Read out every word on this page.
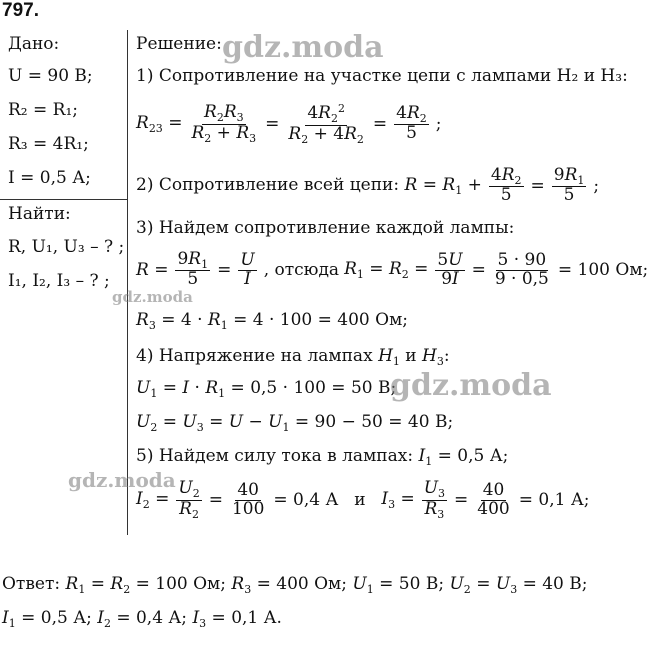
797.
Дано:
U = 90 В;
R₂ = R₁;
R₃ = 4R₁;
I = 0,5 А;
Найти:
R, U₁, U₃ – ? ;
I₁, I₂, I₃ – ? ;
Решение:
1) Сопротивление на участке цепи с лампами H₂ и H₃:
$R_{23} = \frac{R_2R_3}{R_2 + R_3} = \frac{4R_2^2}{R_2 + 4R_2} = \frac{4R_2}{5}$ ;
2) Сопротивление всей цепи: $R = R_1 + \frac{4R_2}{5} = \frac{9R_1}{5}$ ;
3) Найдем сопротивление каждой лампы:
$R = \frac{9R_1}{5} = \frac{U}{I}$ , отсюда $R_1 = R_2 = \frac{5U}{9I} = \frac{5 \cdot 90}{9 \cdot 0,5} = 100$ Ом;
$R_3 = 4 \cdot R_1 = 4 \cdot 100 = 400$ Ом;
4) Напряжение на лампах $H_1$ и $H_3$:
$U_1 = I \cdot R_1 = 0,5 \cdot 100 = 50$ В;
$U_2 = U_3 = U - U_1 = 90 - 50 = 40$ В;
5) Найдем силу тока в лампах: $I_1 = 0,5$ А;
$I_2 = \frac{U_2}{R_2} = \frac{40}{100} = 0,4$ А и $I_3 = \frac{U_3}{R_3} = \frac{40}{400} = 0,1$ А;
Ответ: $R_1 = R_2 = 100$ Ом; $R_3 = 400$ Ом; $U_1 = 50$ В; $U_2 = U_3 = 40$ В;
$I_1 = 0,5$ А; $I_2 = 0,4$ А; $I_3 = 0,1$ А.
gdz.moda
gdz.moda
gdz.moda
gdz.moda
